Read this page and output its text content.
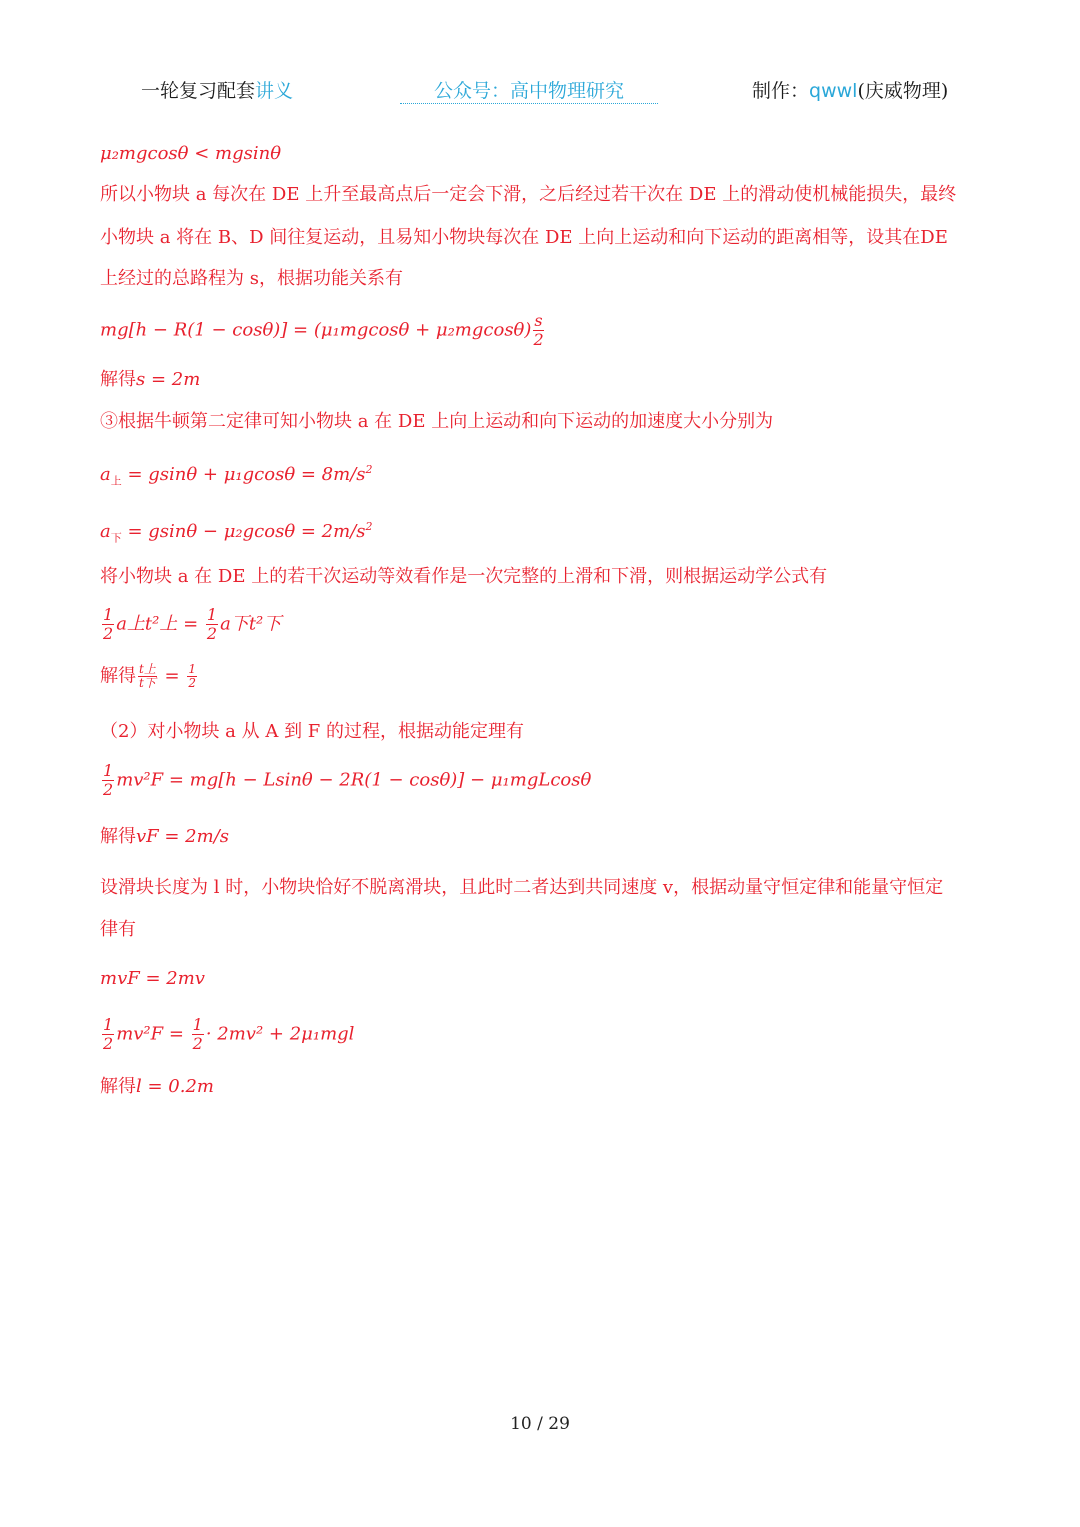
一轮复习配套讲义	公众号：高中物理研究	制作：qwwl(庆威物理)
μ₂mgcosθ < mgsinθ
所以小物块 a 每次在 DE 上升至最高点后一定会下滑，之后经过若干次在 DE 上的滑动使机械能损失，最终
小物块 a 将在 B、D 间往复运动，且易知小物块每次在 DE 上向上运动和向下运动的距离相等，设其在DE
上经过的总路程为 s，根据功能关系有
$mg[h - R(1 - \cos\theta)] = (\mu_1mgcos\theta + \mu_2mgcos\theta) \frac{s}{2}$
解得s = 2m
③根据牛顿第二定律可知小物块 a 在 DE 上向上运动和向下运动的加速度大小分别为
$a_上 = gsin\theta + \mu_1gcos\theta = 8m/s^2$
$a_下 = gsin\theta - \mu_2gcos\theta = 2m/s^2$
将小物块 a 在 DE 上的若干次运动等效看作是一次完整的上滑和下滑，则根据运动学公式有
$\frac{1}{2}$ a上t²上 = $\frac{1}{2}$ a下t²下
解得 $\frac{\text{t上}}{\text{t下}} = \frac{1}{2}$
（2）对小物块 a 从 A 到 F 的过程，根据动能定理有
$\frac{1}{2} mv^2F = mg[h - Lsin\theta - 2R(1 - \cos\theta)] - \mu_1mgLcos\theta$
解得vF = 2m/s
设滑块长度为 l 时，小物块恰好不脱离滑块，且此时二者达到共同速度 v，根据动量守恒定律和能量守恒定
律有
mvF = 2mv
$\frac{1}{2} mv^2F = \frac{1}{2} \cdot 2mv^2 + 2\mu_1mgl$
解得l = 0.2m
10 / 29
